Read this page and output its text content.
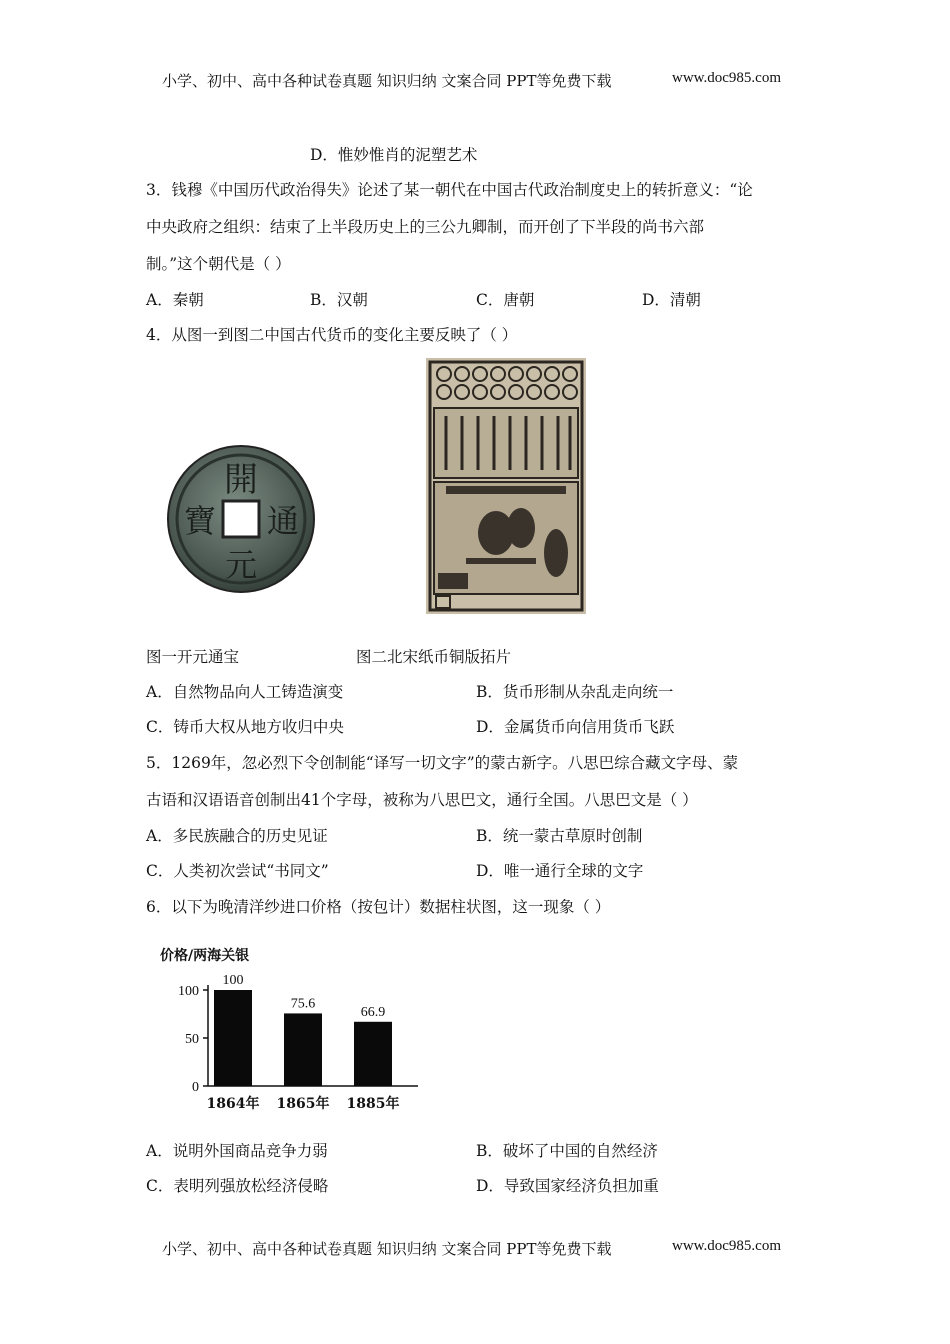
小学、初中、高中各种试卷真题 知识归纳 文案合同 PPT等免费下载	www.doc985.com
D．惟妙惟肖的泥塑艺术
3．钱穆《中国历代政治得失》论述了某一朝代在中国古代政治制度史上的转折意义：“论
中央政府之组织：结束了上半段历史上的三公九卿制，而开创了下半段的尚书六部
制。”这个朝代是（ ）
A．秦朝	B．汉朝	C．唐朝	D．清朝
4．从图一到图二中国古代货币的变化主要反映了（ ）
開
元
通
寶
图一开元通宝	图二北宋纸币铜版拓片
A．自然物品向人工铸造演变	B．货币形制从杂乱走向统一
C．铸币大权从地方收归中央	D．金属货币向信用货币飞跃
5．1269年，忽必烈下令创制能“译写一切文字”的蒙古新字。八思巴综合藏文字母、蒙
古语和汉语语音创制出41个字母，被称为八思巴文，通行全国。八思巴文是（ ）
A．多民族融合的历史见证	B．统一蒙古草原时创制
C．人类初次尝试“书同文”	D．唯一通行全球的文字
6．以下为晚清洋纱进口价格（按包计）数据柱状图，这一现象（ ）
价格/两海关银
100
50
0
100
1864年
75.6
1865年
66.9
1885年
A．说明外国商品竞争力弱	B．破坏了中国的自然经济
C．表明列强放松经济侵略	D．导致国家经济负担加重
小学、初中、高中各种试卷真题 知识归纳 文案合同 PPT等免费下载	www.doc985.com
